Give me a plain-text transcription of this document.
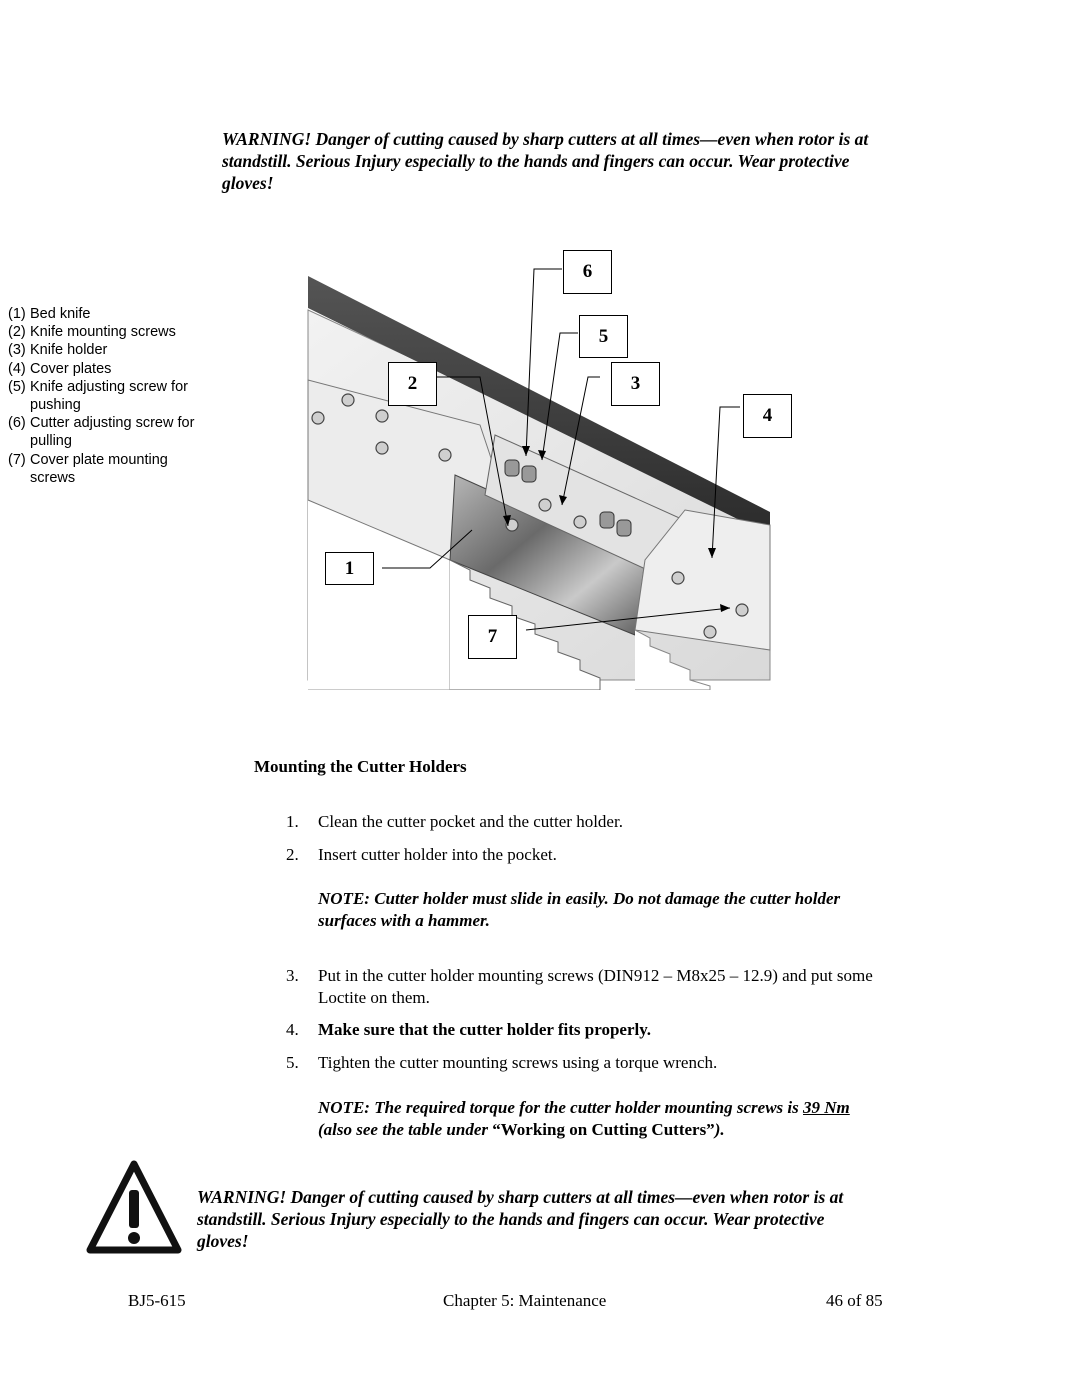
WARNING! Danger of cutting caused by sharp cutters at all times—even when rotor is at
standstill. Serious Injury especially to the hands and fingers can occur. Wear protective
gloves!
(1) Bed knife
(2) Knife mounting screws
(3) Knife holder
(4) Cover plates
(5) Knife adjusting screw for
pushing
(6) Cutter adjusting screw for
pulling
(7) Cover plate mounting
screws
6
5
2	3
4
1
7
Mounting the Cutter Holders
1.	Clean the cutter pocket and the cutter holder.
2.	Insert cutter holder into the pocket.
NOTE: Cutter holder must slide in easily. Do not damage the cutter holder
surfaces with a hammer.
3.	Put in the cutter holder mounting screws (DIN912 – M8x25 – 12.9) and put some
Loctite on them.
4.	Make sure that the cutter holder fits properly.
5.	Tighten the cutter mounting screws using a torque wrench.
NOTE: The required torque for the cutter holder mounting screws is 39 Nm
(also see the table under “Working on Cutting Cutters”).
WARNING! Danger of cutting caused by sharp cutters at all times—even when rotor is at
standstill. Serious Injury especially to the hands and fingers can occur. Wear protective
gloves!
BJ5-615	Chapter 5: Maintenance	46 of 85
